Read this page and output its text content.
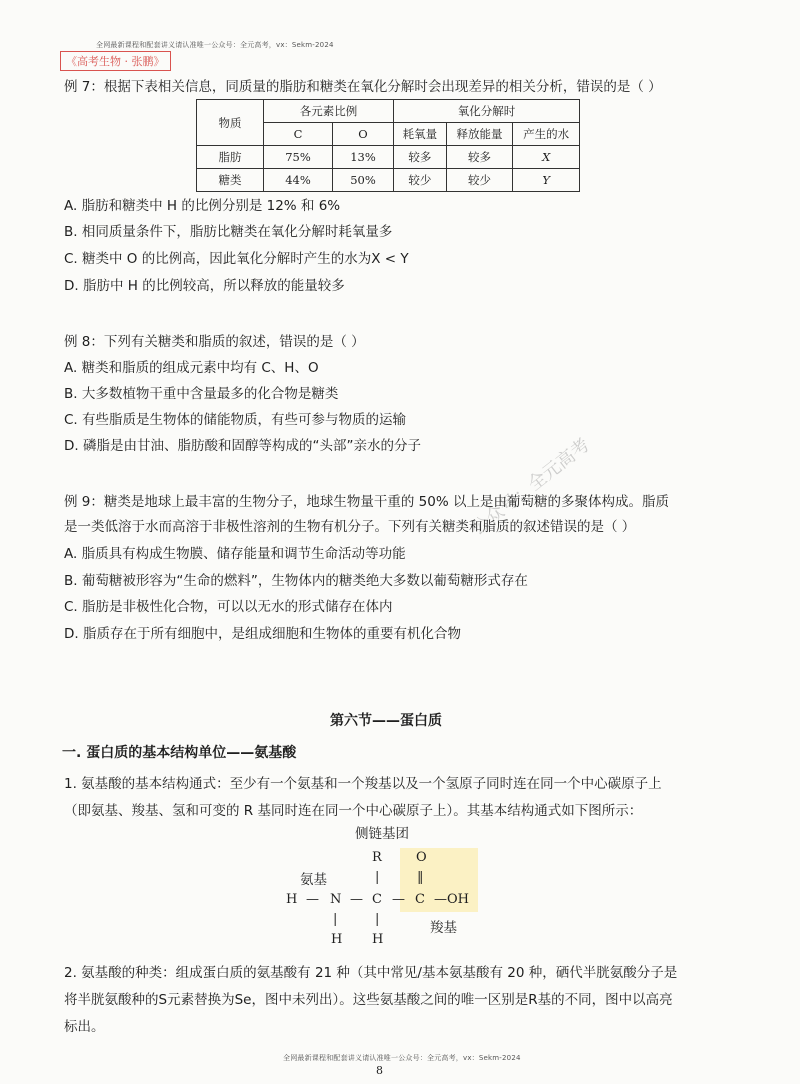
全网最新课程和配套讲义请认准唯一公众号：全元高考，vx：Sekm-2024
《高考生物 · 张鹏》
例 7：根据下表相关信息，同质量的脂肪和糖类在氧化分解时会出现差异的相关分析，错误的是（ ）
物质	各元素比例		氧化分解时		
	C	O	耗氧量	释放能量	产生的水
脂肪	75%	13%	较多	较多	X
糖类	44%	50%	较少	较少	Y
A. 脂肪和糖类中 H 的比例分别是 12% 和 6%
B. 相同质量条件下，脂肪比糖类在氧化分解时耗氧量多
C. 糖类中 O 的比例高，因此氧化分解时产生的水为X < Y
D. 脂肪中 H 的比例较高，所以释放的能量较多
例 8：下列有关糖类和脂质的叙述，错误的是（ ）
A. 糖类和脂质的组成元素中均有 C、H、O
B. 大多数植物干重中含量最多的化合物是糖类
C. 有些脂质是生物体的储能物质，有些可参与物质的运输
D. 磷脂是由甘油、脂肪酸和固醇等构成的“头部”亲水的分子	公众号：全元高考
例 9：糖类是地球上最丰富的生物分子，地球生物量干重的 50% 以上是由葡萄糖的多聚体构成。脂质
是一类低溶于水而高溶于非极性溶剂的生物有机分子。下列有关糖类和脂质的叙述错误的是（ ）
A. 脂质具有构成生物膜、储存能量和调节生命活动等功能
B. 葡萄糖被形容为“生命的燃料”，生物体内的糖类绝大多数以葡萄糖形式存在
C. 脂肪是非极性化合物，可以以无水的形式储存在体内
D. 脂质存在于所有细胞中，是组成细胞和生物体的重要有机化合物
第六节——蛋白质
一. 蛋白质的基本结构单位——氨基酸
1. 氨基酸的基本结构通式：至少有一个氨基和一个羧基以及一个氢原子同时连在同一个中心碳原子上
（即氨基、羧基、氢和可变的 R 基同时连在同一个中心碳原子上）。其基本结构通式如下图所示：
侧链基团
R	O
氨基	|	‖
H — N — C — C —OH
|	|
羧基
H H
2. 氨基酸的种类：组成蛋白质的氨基酸有 21 种（其中常见/基本氨基酸有 20 种，硒代半胱氨酸分子是
将半胱氨酸种的S元素替换为Se，图中未列出）。这些氨基酸之间的唯一区别是R基的不同，图中以高亮
标出。
全网最新课程和配套讲义请认准唯一公众号：全元高考，vx：Sekm-2024
8
